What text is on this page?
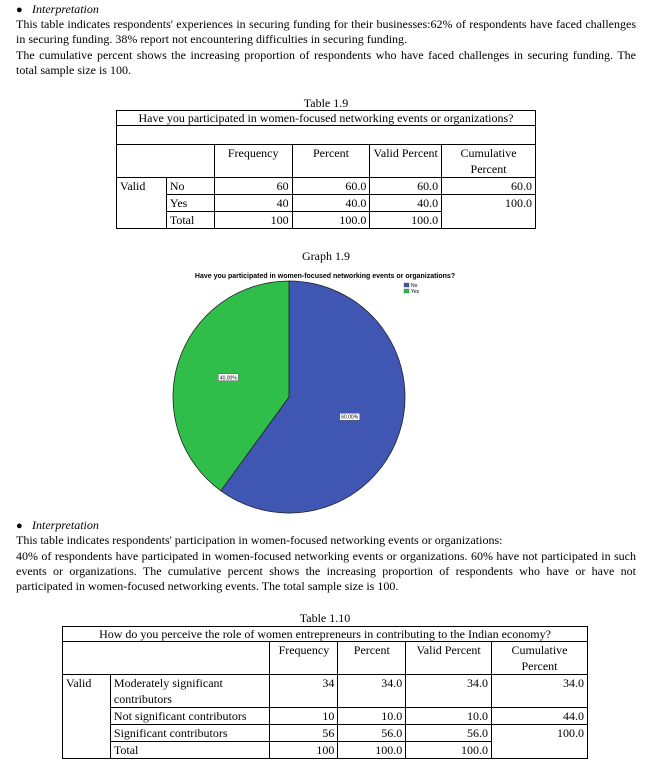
● Interpretation

This table indicates respondents' experiences in securing funding for their businesses:62% of respondents have faced challenges in securing funding. 38% report not encountering difficulties in securing funding.

The cumulative percent shows the increasing proportion of respondents who have faced challenges in securing funding. The total sample size is 100.

Table 1.9
Have you participated in women-focused networking events or organizations?					

		Frequency	Percent	Valid Percent	Cumulative Percent
Valid	No	60	60.0	60.0	60.0
	Yes	40	40.0	40.0	100.0
	Total	100	100.0	100.0	
Graph 1.9
Have you participated in women-focused networking events or organizations?
60.00%
40.00%
No
Yes
● Interpretation

This table indicates respondents' participation in women-focused networking events or organizations:

40% of respondents have participated in women-focused networking events or organizations. 60% have not participated in such events or organizations. The cumulative percent shows the increasing proportion of respondents who have or have not participated in women-focused networking events. The total sample size is 100.

Table 1.10
How do you perceive the role of women entrepreneurs in contributing to the Indian economy?					
		Frequency	Percent	Valid Percent	Cumulative Percent
Valid	Moderately significant contributors	34	34.0	34.0	34.0
	Not significant contributors	10	10.0	10.0	44.0
	Significant contributors	56	56.0	56.0	100.0
	Total	100	100.0	100.0	
